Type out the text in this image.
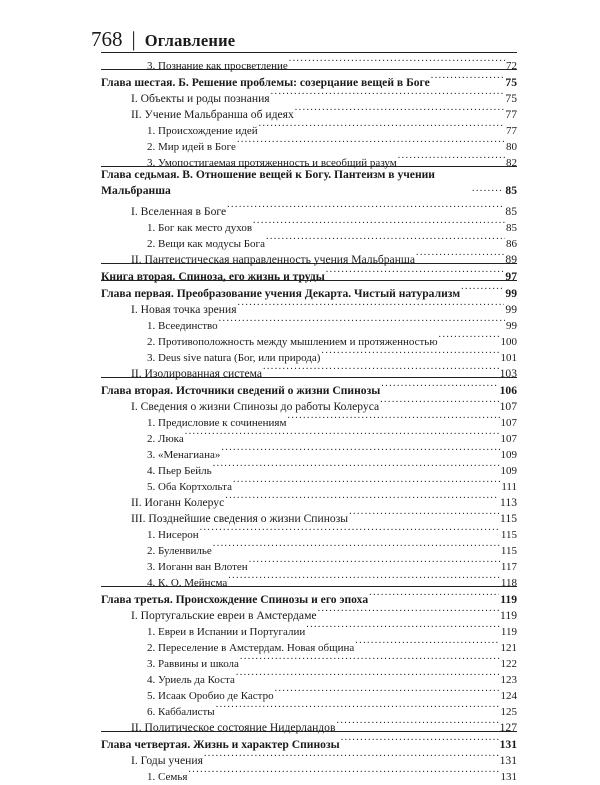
768 | Оглавление
3. Познание как просветление .....	72
Глава шестая. Б. Решение проблемы: созерцание вещей в Боге .....	75
I. Объекты и роды познания .....	75
II. Учение Мальбранша об идеях .....	77
1. Происхождение идей .....	77
2. Мир идей в Боге .....	80
3. Умопостигаемая протяженность и всеобщий разум .....	82
Глава седьмая. В. Отношение вещей к Богу. Пантеизм в учении Мальбранша .....	85
I. Вселенная в Боге .....	85
1. Бог как место духов .....	85
2. Вещи как модусы Бога .....	86
II. Пантеистическая направленность учения Мальбранша .....	89
Книга вторая. Спиноза, его жизнь и труды .....	97
Глава первая. Преобразование учения Декарта. Чистый натурализм .....	99
I. Новая точка зрения .....	99
1. Всеединство .....	99
2. Противоположность между мышлением и протяженностью .....	100
3. Deus sive natura (Бог, или природа) .....	101
II. Изолированная система .....	103
Глава вторая. Источники сведений о жизни Спинозы .....	106
I. Сведения о жизни Спинозы до работы Колеруса .....	107
1. Предисловие к сочинениям .....	107
2. Люка .....	107
3. «Менагиана» .....	109
4. Пьер Бейль .....	109
5. Оба Кортхольта .....	111
II. Иоганн Колерус .....	113
III. Позднейшие сведения о жизни Спинозы .....	115
1. Нисерон .....	115
2. Буленвилье .....	115
3. Иоганн ван Влотен .....	117
4. К. О. Мейнсма .....	118
Глава третья. Происхождение Спинозы и его эпоха .....	119
I. Португальские евреи в Амстердаме .....	119
1. Евреи в Испании и Португалии .....	119
2. Переселение в Амстердам. Новая община .....	121
3. Раввины и школа .....	122
4. Уриель да Коста .....	123
5. Исаак Оробио де Кастро .....	124
6. Каббалисты .....	125
II. Политическое состояние Нидерландов .....	127
Глава четвертая. Жизнь и характер Спинозы .....	131
I. Годы учения .....	131
1. Семья .....	131
